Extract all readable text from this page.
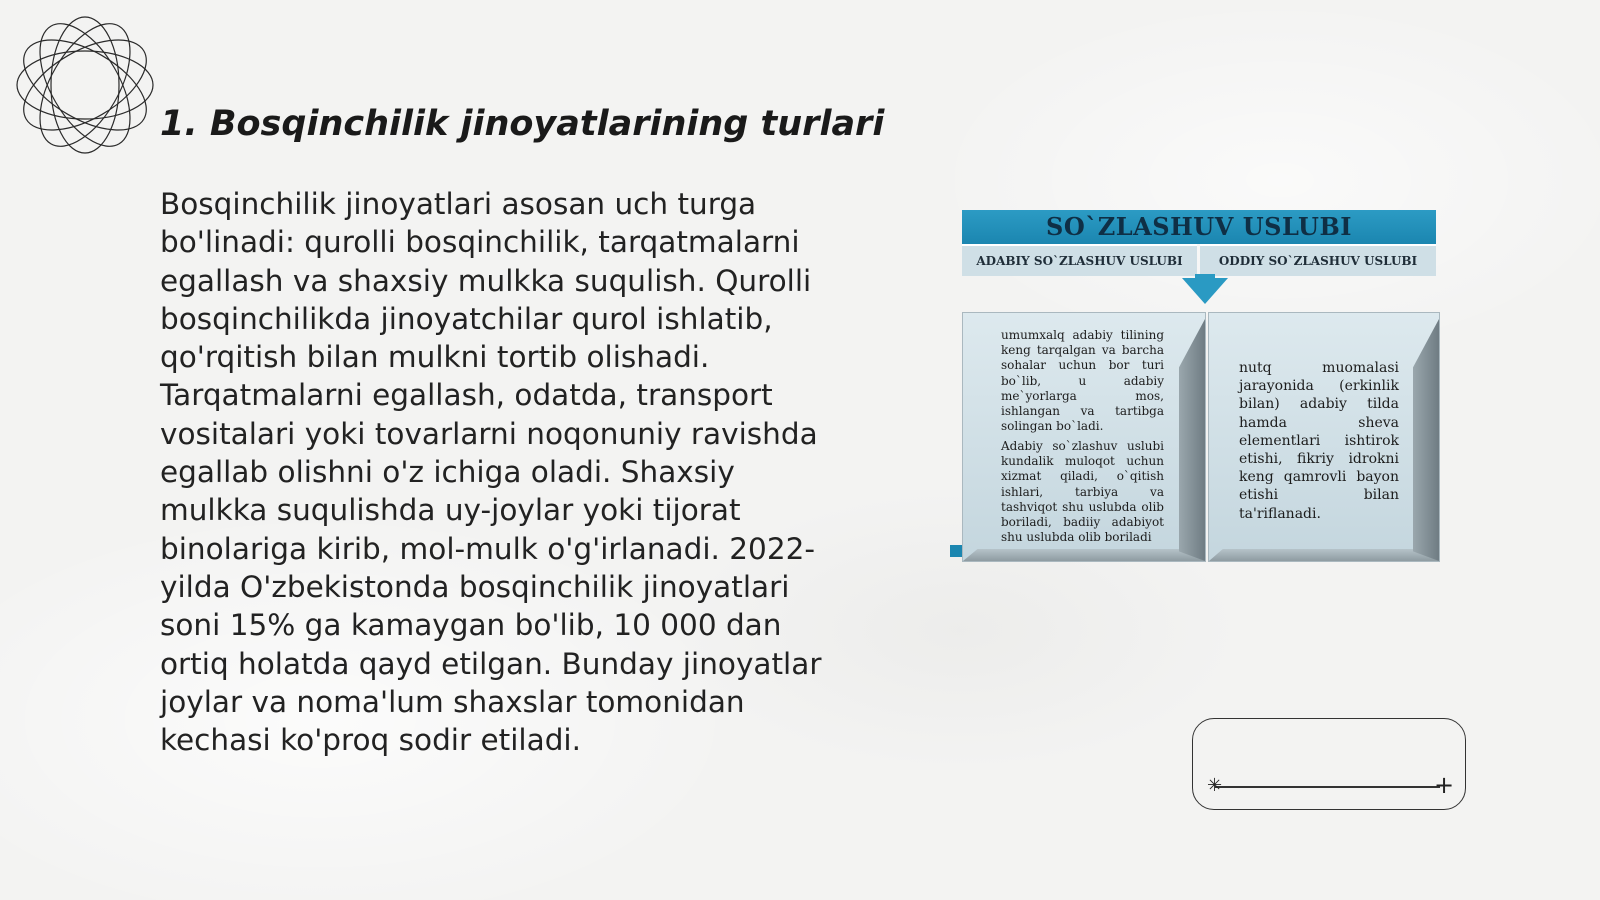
1. Bosqinchilik jinoyatlarining turlari

Bosqinchilik jinoyatlari asosan uch turga bo'linadi: qurolli bosqinchilik, tarqatmalarni egallash va shaxsiy mulkka suqulish. Qurolli bosqinchilikda jinoyatchilar qurol ishlatib, qo'rqitish bilan mulkni tortib olishadi. Tarqatmalarni egallash, odatda, transport vositalari yoki tovarlarni noqonuniy ravishda egallab olishni o'z ichiga oladi. Shaxsiy mulkka suqulishda uy-joylar yoki tijorat binolariga kirib, mol-mulk o'g'irlanadi. 2022-yilda O'zbekistonda bosqinchilik jinoyatlari soni 15% ga kamaygan bo'lib, 10 000 dan ortiq holatda qayd etilgan. Bunday jinoyatlar joylar va noma'lum shaxslar tomonidan kechasi ko'proq sodir etiladi.

SO`ZLASHUV USLUBI
ADABIY SO`ZLASHUV USLUBI	ODDIY SO`ZLASHUV USLUBI
umumxalq adabiy tilining keng tarqalgan va barcha sohalar uchun bor turi bo`lib, u adabiy me`yorlarga mos, ishlangan va tartibga solingan bo`ladi.
Adabiy so`zlashuv uslubi kundalik muloqot uchun xizmat qiladi, o`qitish ishlari, tarbiya va tashviqot shu uslubda olib boriladi, badiiy adabiyot shu uslubda olib boriladi
nutq muomalasi jarayonida (erkinlik bilan) adabiy tilda hamda sheva elementlari ishtirok etishi, fikriy idrokni keng qamrovli bayon etishi bilan ta'riflanadi.
✳	+
